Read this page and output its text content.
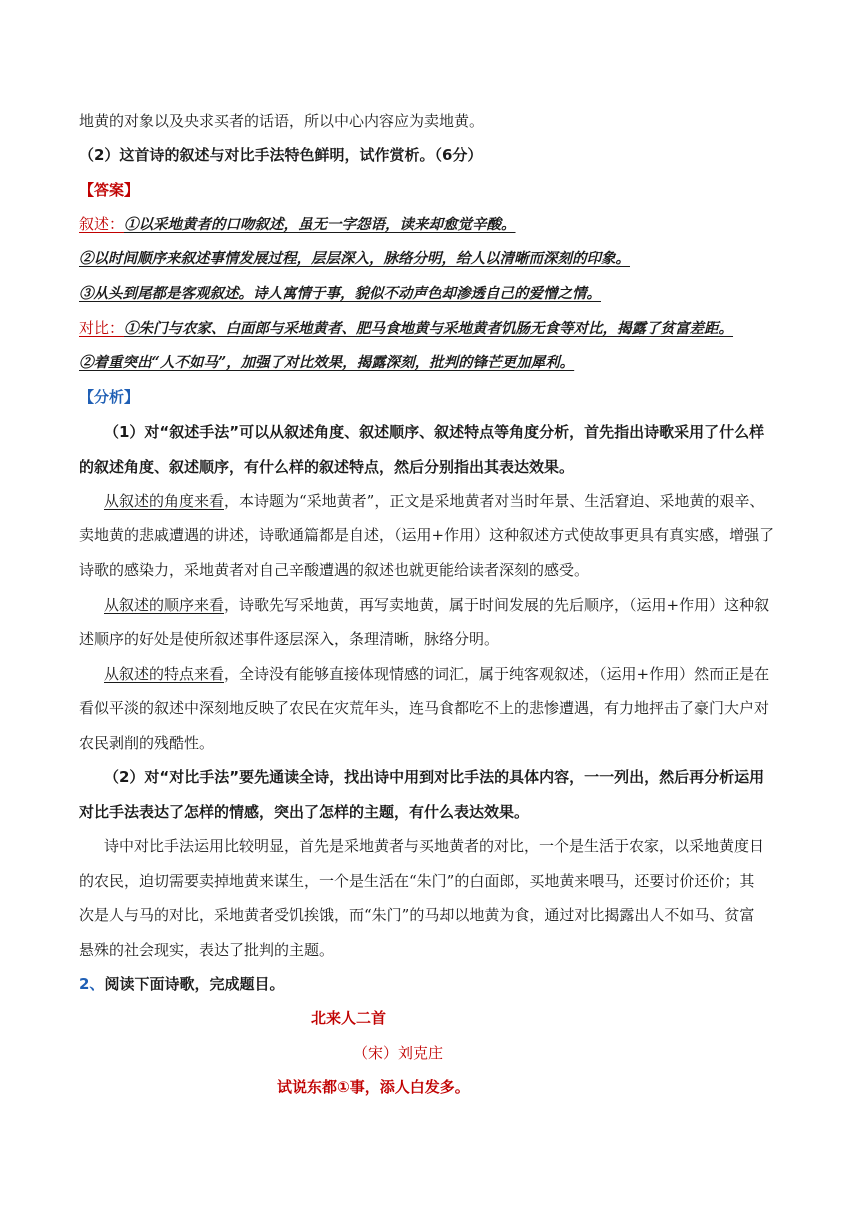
地黄的对象以及央求买者的话语，所以中心内容应为卖地黄。
（2）这首诗的叙述与对比手法特色鲜明，试作赏析。（6分）
【答案】
叙述：①以采地黄者的口吻叙述，虽无一字怨语，读来却愈觉辛酸。
②以时间顺序来叙述事情发展过程，层层深入，脉络分明，给人以清晰而深刻的印象。
③从头到尾都是客观叙述。诗人寓情于事，貌似不动声色却渗透自己的爱憎之情。
对比：①朱门与农家、白面郎与采地黄者、肥马食地黄与采地黄者饥肠无食等对比，揭露了贫富差距。
②着重突出“人不如马”，加强了对比效果，揭露深刻，批判的锋芒更加犀利。
【分析】
（1）对“叙述手法”可以从叙述角度、叙述顺序、叙述特点等角度分析，首先指出诗歌采用了什么样
的叙述角度、叙述顺序，有什么样的叙述特点，然后分别指出其表达效果。
从叙述的角度来看，本诗题为“采地黄者”，正文是采地黄者对当时年景、生活窘迫、采地黄的艰辛、
卖地黄的悲戚遭遇的讲述，诗歌通篇都是自述，（运用+作用）这种叙述方式使故事更具有真实感，增强了
诗歌的感染力，采地黄者对自己辛酸遭遇的叙述也就更能给读者深刻的感受。
从叙述的顺序来看，诗歌先写采地黄，再写卖地黄，属于时间发展的先后顺序，（运用+作用）这种叙
述顺序的好处是使所叙述事件逐层深入，条理清晰，脉络分明。
从叙述的特点来看，全诗没有能够直接体现情感的词汇，属于纯客观叙述，（运用+作用）然而正是在
看似平淡的叙述中深刻地反映了农民在灾荒年头，连马食都吃不上的悲惨遭遇，有力地抨击了豪门大户对
农民剥削的残酷性。
（2）对“对比手法”要先通读全诗，找出诗中用到对比手法的具体内容，一一列出，然后再分析运用
对比手法表达了怎样的情感，突出了怎样的主题，有什么表达效果。
诗中对比手法运用比较明显，首先是采地黄者与买地黄者的对比，一个是生活于农家，以采地黄度日
的农民，迫切需要卖掉地黄来谋生，一个是生活在“朱门”的白面郎，买地黄来喂马，还要讨价还价；其
次是人与马的对比，采地黄者受饥挨饿，而“朱门”的马却以地黄为食，通过对比揭露出人不如马、贫富
悬殊的社会现实，表达了批判的主题。
2、阅读下面诗歌，完成题目。
北来人二首
（宋）刘克庄
试说东都①事，添人白发多。
